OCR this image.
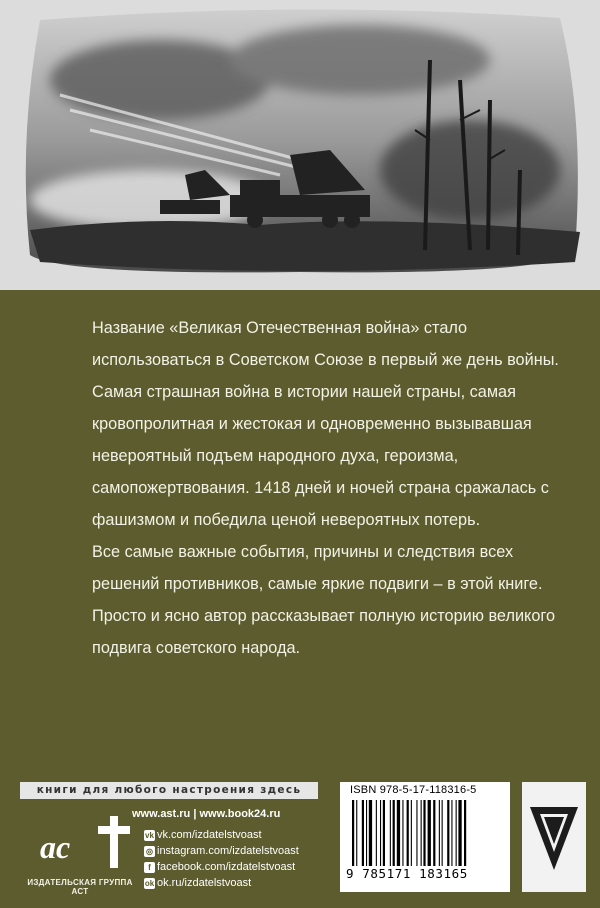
Название «Великая Отечественная война» стало использоваться в Советском Союзе в первый же день войны. Самая страшная война в истории нашей страны, самая кровопролитная и жестокая и одновременно вызывавшая невероятный подъем народного духа, героизма, самопожертвования. 1418 дней и ночей страна сражалась с фашизмом и победила ценой невероятных потерь.

Все самые важные события, причины и следствия всех решений противников, самые яркие подвиги – в этой книге.

Просто и ясно автор рассказывает полную историю великого подвига советского народа.

книги для любого настроения здесь
ас
ИЗДАТЕЛЬСКАЯ ГРУППА АСТ
www.ast.ru | www.book24.ru
vk vk.com/izdatelstvoast
◎ instagram.com/izdatelstvoast
f facebook.com/izdatelstvoast
ok ok.ru/izdatelstvoast
ISBN 978-5-17-118316-5
9 785171 183165
